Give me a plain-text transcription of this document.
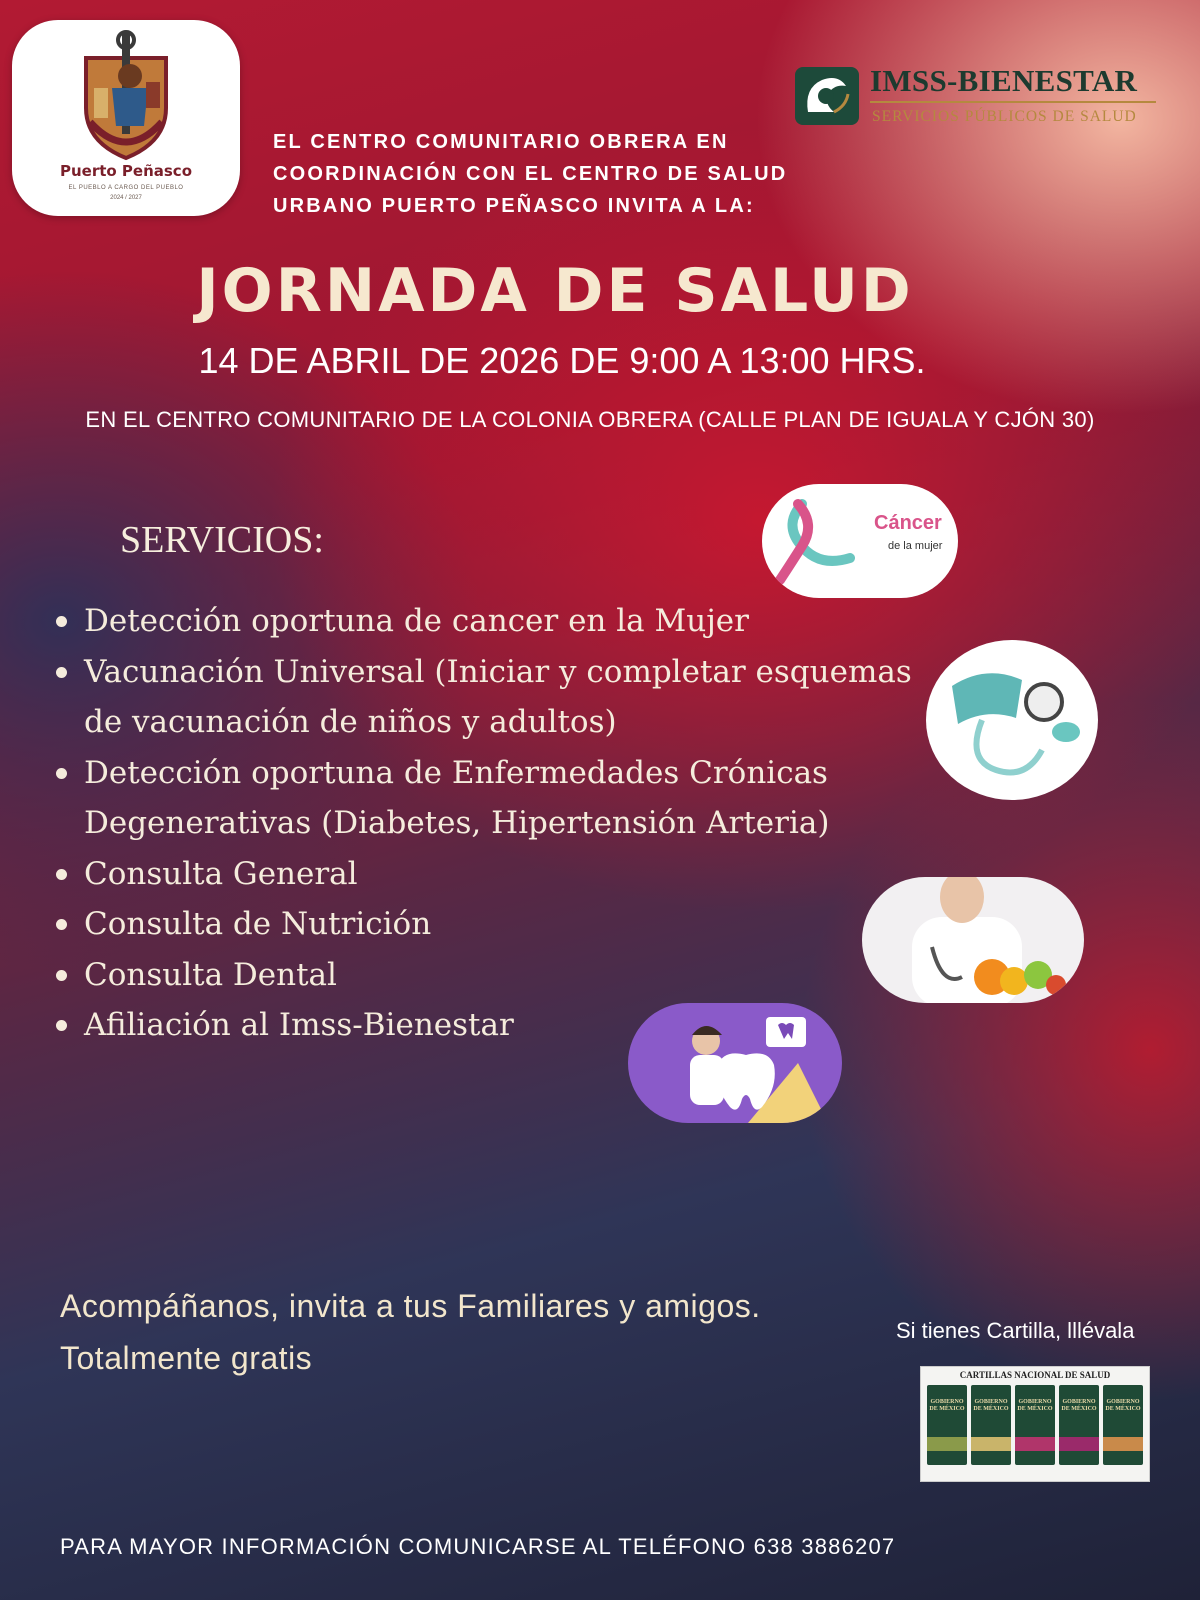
Puerto Peñasco
EL PUEBLO A CARGO DEL PUEBLO
2024 / 2027
IMSS-BIENESTAR
SERVICIOS PÚBLICOS DE SALUD
EL CENTRO COMUNITARIO OBRERA EN
COORDINACIÓN CON EL CENTRO DE SALUD
URBANO PUERTO PEÑASCO INVITA A LA:
JORNADA DE SALUD
14 DE ABRIL DE 2026 DE 9:00 A 13:00 HRS.
EN EL CENTRO COMUNITARIO DE LA COLONIA OBRERA (CALLE PLAN DE IGUALA Y CJÓN 30)
SERVICIOS:
Detección oportuna de cancer en la Mujer
Vacunación Universal (Iniciar y completar esquemas de vacunación de niños y adultos)
Detección oportuna de Enfermedades Crónicas Degenerativas (Diabetes, Hipertensión Arteria)
Consulta General
Consulta de Nutrición
Consulta Dental
Afiliación al Imss-Bienestar
Cáncer
de la mujer
Acompáñanos, invita a tus Familiares y amigos.
Totalmente gratis
Si tienes Cartilla, lllévala
CARTILLAS NACIONAL DE SALUD
GOBIERNO DE MÉXICO
GOBIERNO DE MÉXICO
GOBIERNO DE MÉXICO
GOBIERNO DE MÉXICO
GOBIERNO DE MÉXICO
PARA MAYOR INFORMACIÓN COMUNICARSE AL TELÉFONO 638 3886207
